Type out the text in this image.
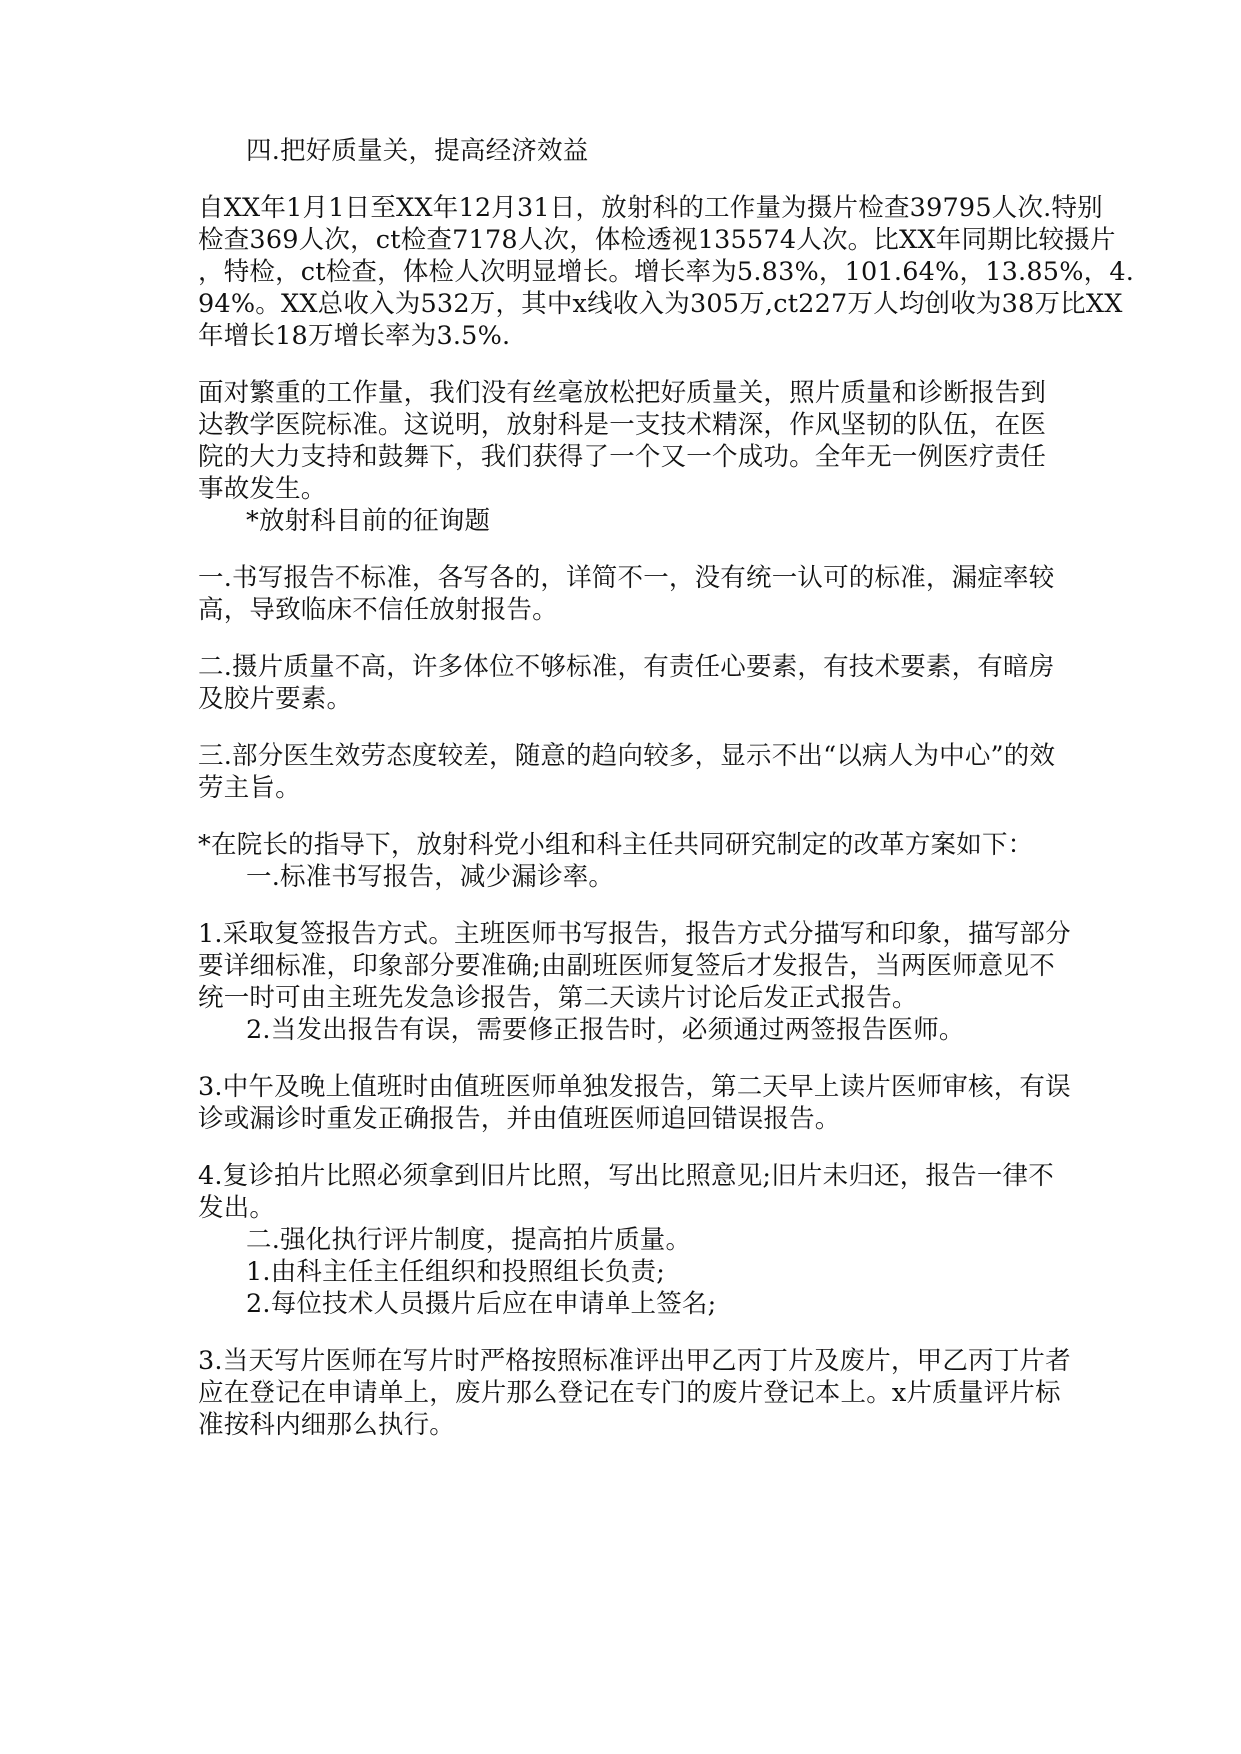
四.把好质量关，提高经济效益
自XX年1月1日至XX年12月31日，放射科的工作量为摄片检查39795人次.特别
检查369人次，ct检查7178人次，体检透视135574人次。比XX年同期比较摄片
，特检，ct检查，体检人次明显增长。增长率为5.83%，101.64%，13.85%，4.
94%。XX总收入为532万，其中x线收入为305万,ct227万人均创收为38万比XX
年增长18万增长率为3.5%.
面对繁重的工作量，我们没有丝毫放松把好质量关，照片质量和诊断报告到
达教学医院标准。这说明，放射科是一支技术精深，作风坚韧的队伍，在医
院的大力支持和鼓舞下，我们获得了一个又一个成功。全年无一例医疗责任
事故发生。
*放射科目前的征询题
一.书写报告不标准，各写各的，详简不一，没有统一认可的标准，漏症率较
高，导致临床不信任放射报告。
二.摄片质量不高，许多体位不够标准，有责任心要素，有技术要素，有暗房
及胶片要素。
三.部分医生效劳态度较差，随意的趋向较多，显示不出“以病人为中心”的效
劳主旨。
*在院长的指导下，放射科党小组和科主任共同研究制定的改革方案如下：
一.标准书写报告，减少漏诊率。
1.采取复签报告方式。主班医师书写报告，报告方式分描写和印象，描写部分
要详细标准，印象部分要准确;由副班医师复签后才发报告，当两医师意见不
统一时可由主班先发急诊报告，第二天读片讨论后发正式报告。
2.当发出报告有误，需要修正报告时，必须通过两签报告医师。
3.中午及晚上值班时由值班医师单独发报告，第二天早上读片医师审核，有误
诊或漏诊时重发正确报告，并由值班医师追回错误报告。
4.复诊拍片比照必须拿到旧片比照，写出比照意见;旧片未归还，报告一律不
发出。
二.强化执行评片制度，提高拍片质量。
1.由科主任主任组织和投照组长负责;
2.每位技术人员摄片后应在申请单上签名;
3.当天写片医师在写片时严格按照标准评出甲乙丙丁片及废片，甲乙丙丁片者
应在登记在申请单上，废片那么登记在专门的废片登记本上。x片质量评片标
准按科内细那么执行。
